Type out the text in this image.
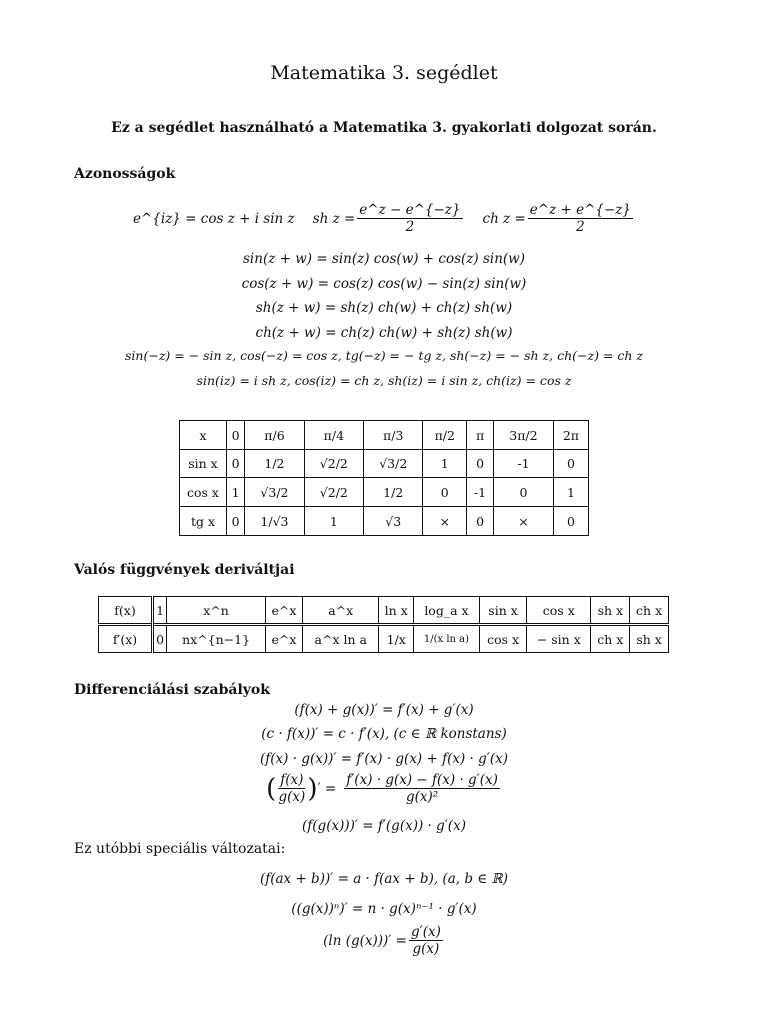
Matematika 3. segédlet
Ez a segédlet használható a Matematika 3. gyakorlati dolgozat során.
Azonosságok
e^{iz} = cos z + i sin z sh $z = \frac{e\^{}z - e\^{}\{-z\}}{2}$ ch $z = \frac{e\^{}z + e\^{}\{-z\}}{2}$
sin(z + w) = sin(z) cos(w) + cos(z) sin(w)
cos(z + w) = cos(z) cos(w) − sin(z) sin(w)
sh(z + w) = sh(z) ch(w) + ch(z) sh(w)
ch(z + w) = ch(z) ch(w) + sh(z) sh(w)
sin(−z) = − sin z, cos(−z) = cos z, tg(−z) = − tg z, sh(−z) = − sh z, ch(−z) = ch z
sin(iz) = i sh z, cos(iz) = ch z, sh(iz) = i sin z, ch(iz) = cos z
x	0	π/6	π/4	π/3	π/2	π	3π/2	2π
sin x	0	1/2	√2/2	√3/2	1	0	-1	0
cos x	1	√3/2	√2/2	1/2	0	-1	0	1
tg x	0	1/√3	1	√3	×	0	×	0
Valós függvények deriváltjai
f(x)	1	x^n	e^x	a^x	ln x	log_a x	sin x	cos x	sh x	ch x
f′(x)	0	nx^{n−1}	e^x	a^x ln a	1/x	1/(x ln a)	cos x	− sin x	ch x	sh x
Differenciálási szabályok
(f(x) + g(x))′ = f′(x) + g′(x)
(c · f(x))′ = c · f′(x), (c ∈ ℝ konstans)
(f(x) · g(x))′ = f′(x) · g(x) + f(x) · g′(x)
( $\frac{f(x)}{g(x)}$ ) ′ = $\frac{f'(x) \cdot g(x) - f(x) \cdot g'(x)}{\text{g(x)²}}$
(f(g(x)))′ = f′(g(x)) · g′(x)
Ez utóbbi speciális változatai:
(f(ax + b))′ = a · f(ax + b), (a, b ∈ ℝ)
((g(x))ⁿ)′ = n · g(x)ⁿ⁻¹ · g′(x)
(ln $(g(x)))' = \frac{g'(x)}{g(x)}$
